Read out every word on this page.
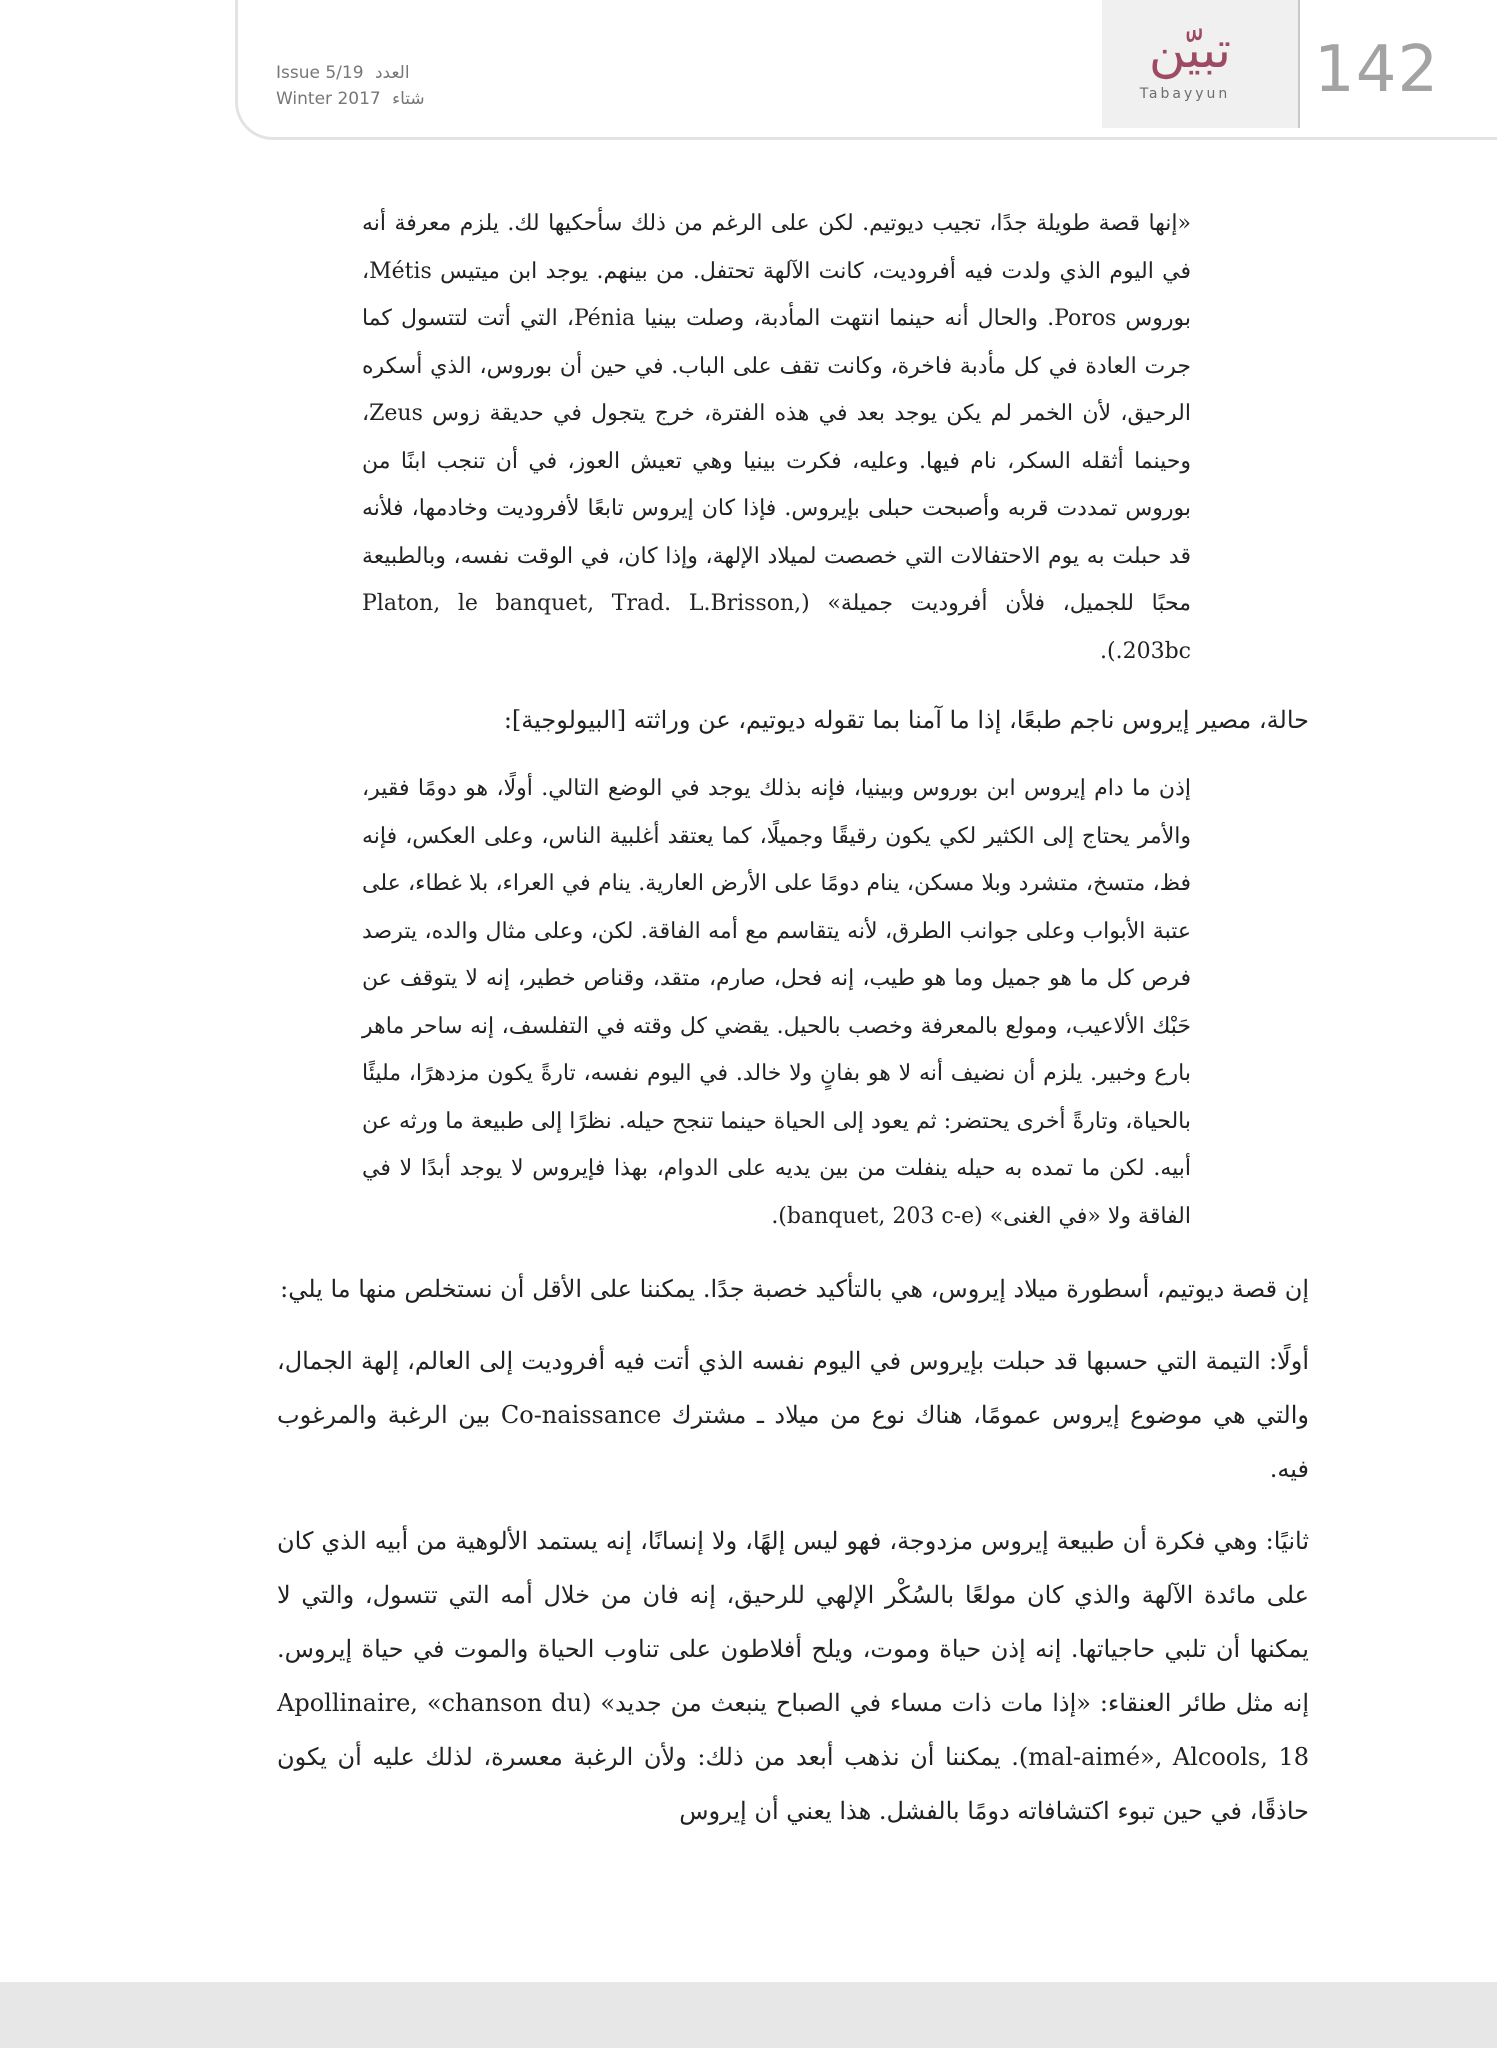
Issue 5/19 العدد
Winter 2017 شتاء
تبيّن
Tabayyun 142

«إنها قصة طويلة جدًا، تجيب ديوتيم. لكن على الرغم من ذلك سأحكيها لك. يلزم معرفة أنه في اليوم الذي ولدت فيه أفروديت، كانت الآلهة تحتفل. من بينهم. يوجد ابن ميتيس Métis، بوروس Poros. والحال أنه حينما انتهت المأدبة، وصلت بينيا Pénia، التي أتت لتتسول كما جرت العادة في كل مأدبة فاخرة، وكانت تقف على الباب. في حين أن بوروس، الذي أسكره الرحيق، لأن الخمر لم يكن يوجد بعد في هذه الفترة، خرج يتجول في حديقة زوس Zeus، وحينما أثقله السكر، نام فيها. وعليه، فكرت بينيا وهي تعيش العوز، في أن تنجب ابنًا من بوروس تمددت قربه وأصبحت حبلى بإيروس. فإذا كان إيروس تابعًا لأفروديت وخادمها، فلأنه قد حبلت به يوم الاحتفالات التي خصصت لميلاد الإلهة، وإذا كان، في الوقت نفسه، وبالطبيعة محبًا للجميل، فلأن أفروديت جميلة» (Platon, le banquet, Trad. L.Brisson, 203bc.).

حالة، مصير إيروس ناجم طبعًا، إذا ما آمنا بما تقوله ديوتيم، عن وراثته [البيولوجية]:

إذن ما دام إيروس ابن بوروس وبينيا، فإنه بذلك يوجد في الوضع التالي. أولًا، هو دومًا فقير، والأمر يحتاج إلى الكثير لكي يكون رقيقًا وجميلًا، كما يعتقد أغلبية الناس، وعلى العكس، فإنه فظ، متسخ، متشرد وبلا مسكن، ينام دومًا على الأرض العارية. ينام في العراء، بلا غطاء، على عتبة الأبواب وعلى جوانب الطرق، لأنه يتقاسم مع أمه الفاقة. لكن، وعلى مثال والده، يترصد فرص كل ما هو جميل وما هو طيب، إنه فحل، صارم، متقد، وقناص خطير، إنه لا يتوقف عن حَبْك الألاعيب، ومولع بالمعرفة وخصب بالحيل. يقضي كل وقته في التفلسف، إنه ساحر ماهر بارع وخبير. يلزم أن نضيف أنه لا هو بفانٍ ولا خالد. في اليوم نفسه، تارةً يكون مزدهرًا، مليئًا بالحياة، وتارةً أخرى يحتضر: ثم يعود إلى الحياة حينما تنجح حيله. نظرًا إلى طبيعة ما ورثه عن أبيه. لكن ما تمده به حيله ينفلت من بين يديه على الدوام، بهذا فإيروس لا يوجد أبدًا لا في الفاقة ولا «في الغنى» (banquet, 203 c-e).

إن قصة ديوتيم، أسطورة ميلاد إيروس، هي بالتأكيد خصبة جدًا. يمكننا على الأقل أن نستخلص منها ما يلي:

أولًا: التيمة التي حسبها قد حبلت بإيروس في اليوم نفسه الذي أتت فيه أفروديت إلى العالم، إلهة الجمال، والتي هي موضوع إيروس عمومًا، هناك نوع من ميلاد ـ مشترك Co-naissance بين الرغبة والمرغوب فيه.

ثانيًا: وهي فكرة أن طبيعة إيروس مزدوجة، فهو ليس إلهًا، ولا إنسانًا، إنه يستمد الألوهية من أبيه الذي كان على مائدة الآلهة والذي كان مولعًا بالسُكْر الإلهي للرحيق، إنه فان من خلال أمه التي تتسول، والتي لا يمكنها أن تلبي حاجياتها. إنه إذن حياة وموت، ويلح أفلاطون على تناوب الحياة والموت في حياة إيروس. إنه مثل طائر العنقاء: «إذا مات ذات مساء في الصباح ينبعث من جديد» (Apollinaire, «chanson du mal-aimé», Alcools, 18). يمكننا أن نذهب أبعد من ذلك: ولأن الرغبة معسرة، لذلك عليه أن يكون حاذقًا، في حين تبوء اكتشافاته دومًا بالفشل. هذا يعني أن إيروس
